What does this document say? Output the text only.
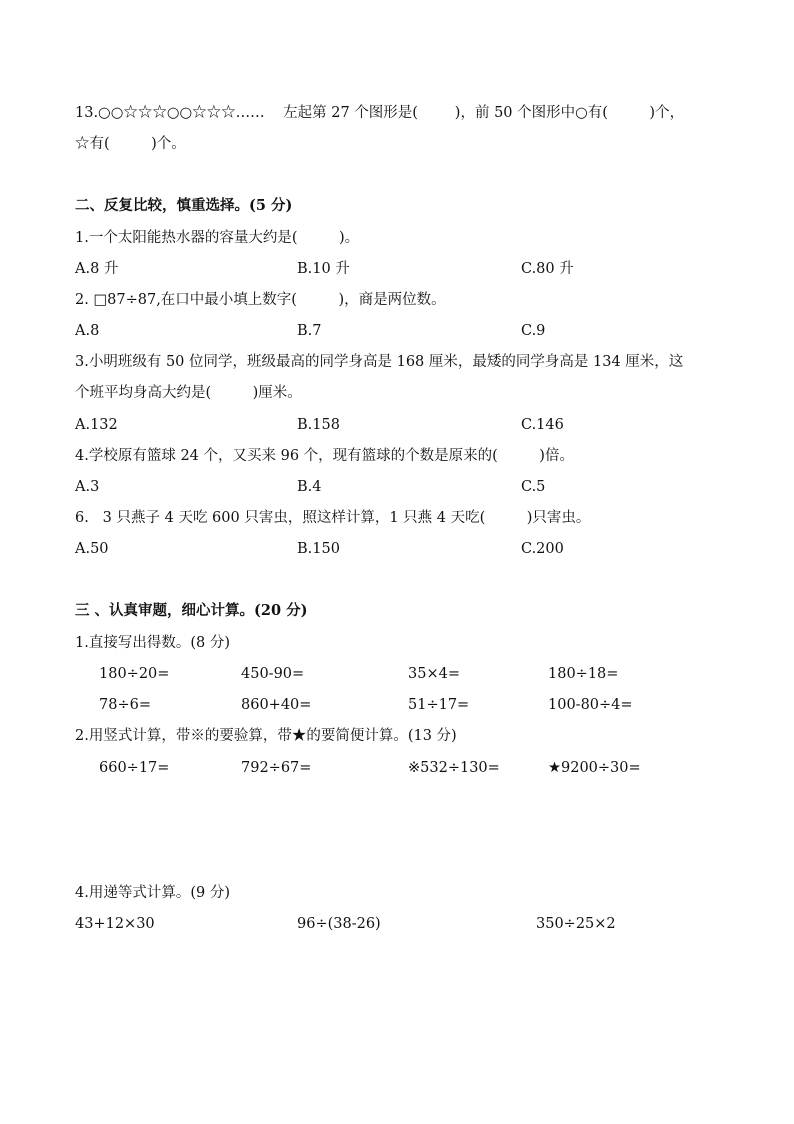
13.○○☆☆☆○○☆☆☆……    左起第 27 个图形是(        )，前 50 个图形中○有(         )个，
☆有(         )个。
二、反复比较，慎重选择。(5 分)
1.一个太阳能热水器的容量大约是(         )。
A.8 升	B.10 升	C.80 升
2. □87÷87,在口中最小填上数字(         )，商是两位数。
A.8	B.7	C.9
3.小明班级有 50 位同学，班级最高的同学身高是 168 厘米，最矮的同学身高是 134 厘米，这
个班平均身高大约是(         )厘米。
A.132	B.158	C.146
4.学校原有篮球 24 个，又买来 96 个，现有篮球的个数是原来的(         )倍。
A.3	B.4	C.5
6.   3 只燕子 4 天吃 600 只害虫，照这样计算，1 只燕 4 天吃(         )只害虫。
A.50	B.150	C.200
三 、认真审题，细心计算。(20 分)
1.直接写出得数。(8 分)
180÷20=	450-90=	35×4=	180÷18=
78÷6=	860+40=	51÷17=	100-80÷4=
2.用竖式计算，带※的要验算，带★的要简便计算。(13 分)
660÷17=	792÷67=	※532÷130=	★9200÷30=
4.用递等式计算。(9 分)
43+12×30	96÷(38-26)	350÷25×2
